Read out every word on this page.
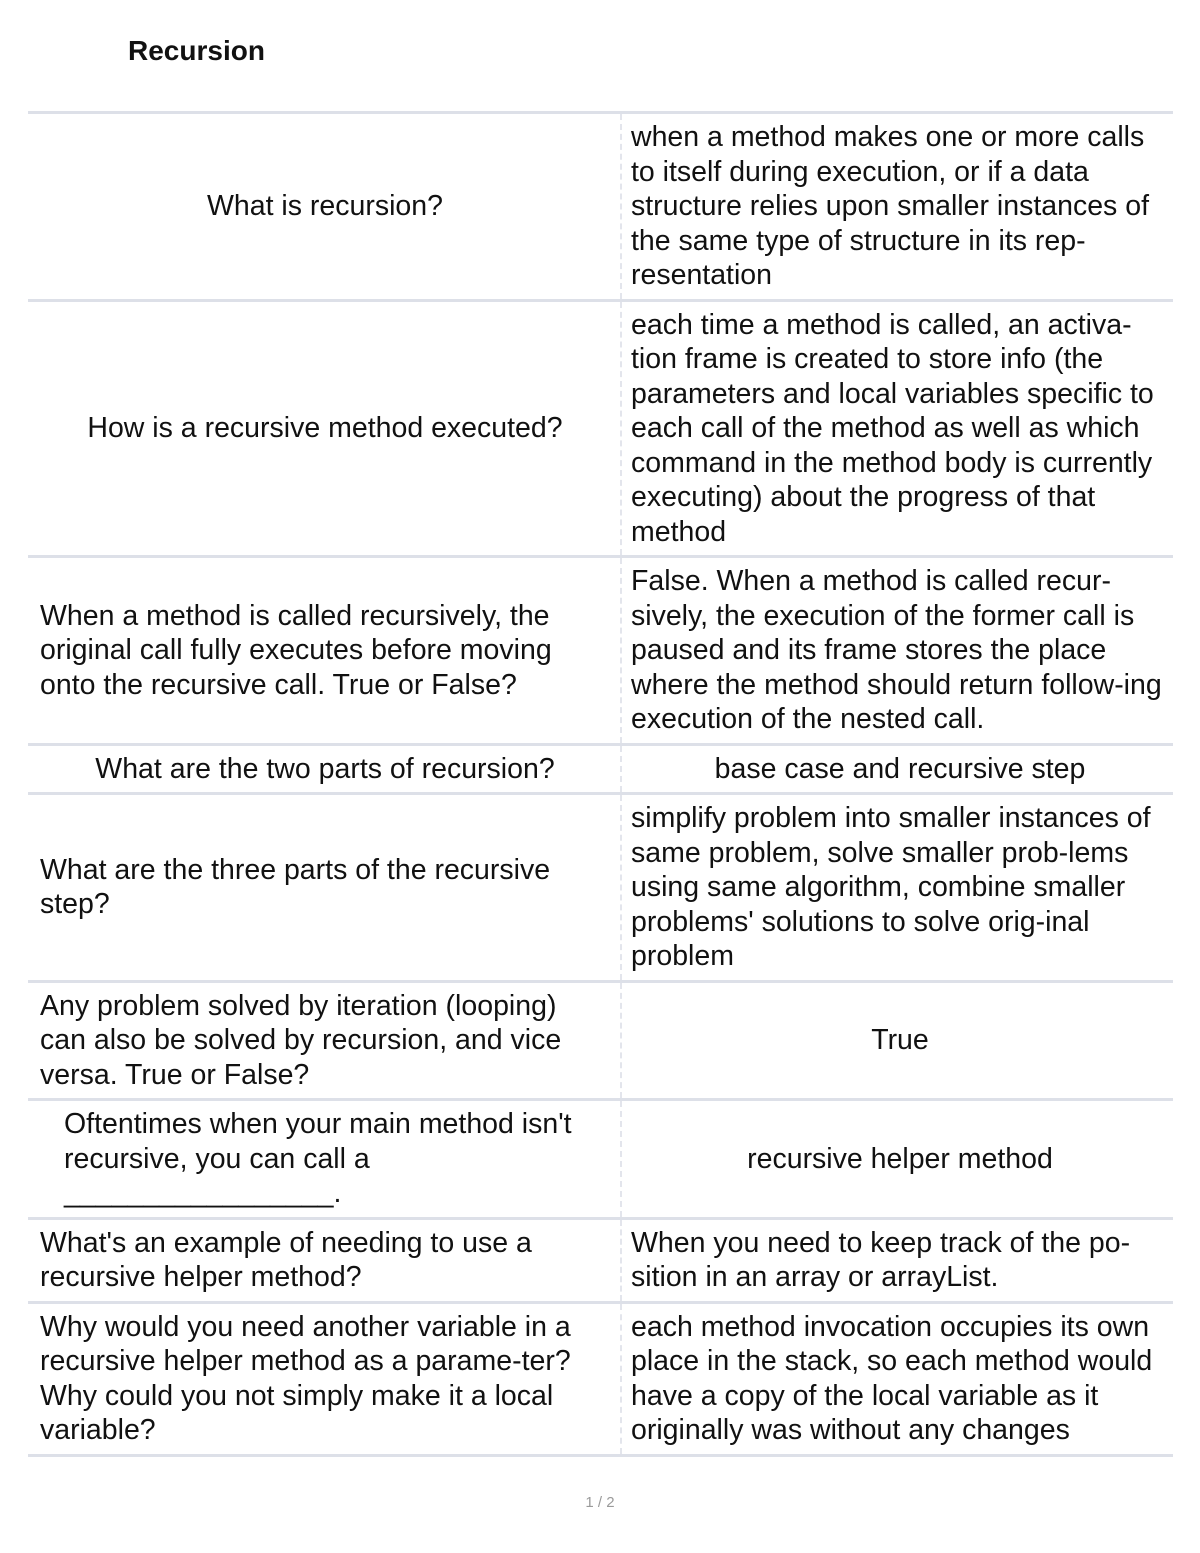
Recursion
What is recursion?	when a method makes one or more calls to itself during execution, or if a data structure relies upon smaller instances of the same type of structure in its rep-resentation
How is a recursive method executed?	each time a method is called, an activa-tion frame is created to store info (the parameters and local variables specific to each call of the method as well as which command in the method body is currently executing) about the progress of that method
When a method is called recursively, the original call fully executes before moving onto the recursive call. True or False?	False. When a method is called recur-sively, the execution of the former call is paused and its frame stores the place where the method should return follow-ing execution of the nested call.
What are the two parts of recursion?	base case and recursive step
What are the three parts of the recursive step?	simplify problem into smaller instances of same problem, solve smaller prob-lems using same algorithm, combine smaller problems' solutions to solve orig-inal problem
Any problem solved by iteration (looping) can also be solved by recursion, and vice versa. True or False?	True
Oftentimes when your main method isn't recursive, you can call a _________________.	recursive helper method
What's an example of needing to use a recursive helper method?	When you need to keep track of the po-sition in an array or arrayList.
Why would you need another variable in a recursive helper method as a parame-ter? Why could you not simply make it a local variable?	each method invocation occupies its own place in the stack, so each method would have a copy of the local variable as it originally was without any changes
1 / 2
